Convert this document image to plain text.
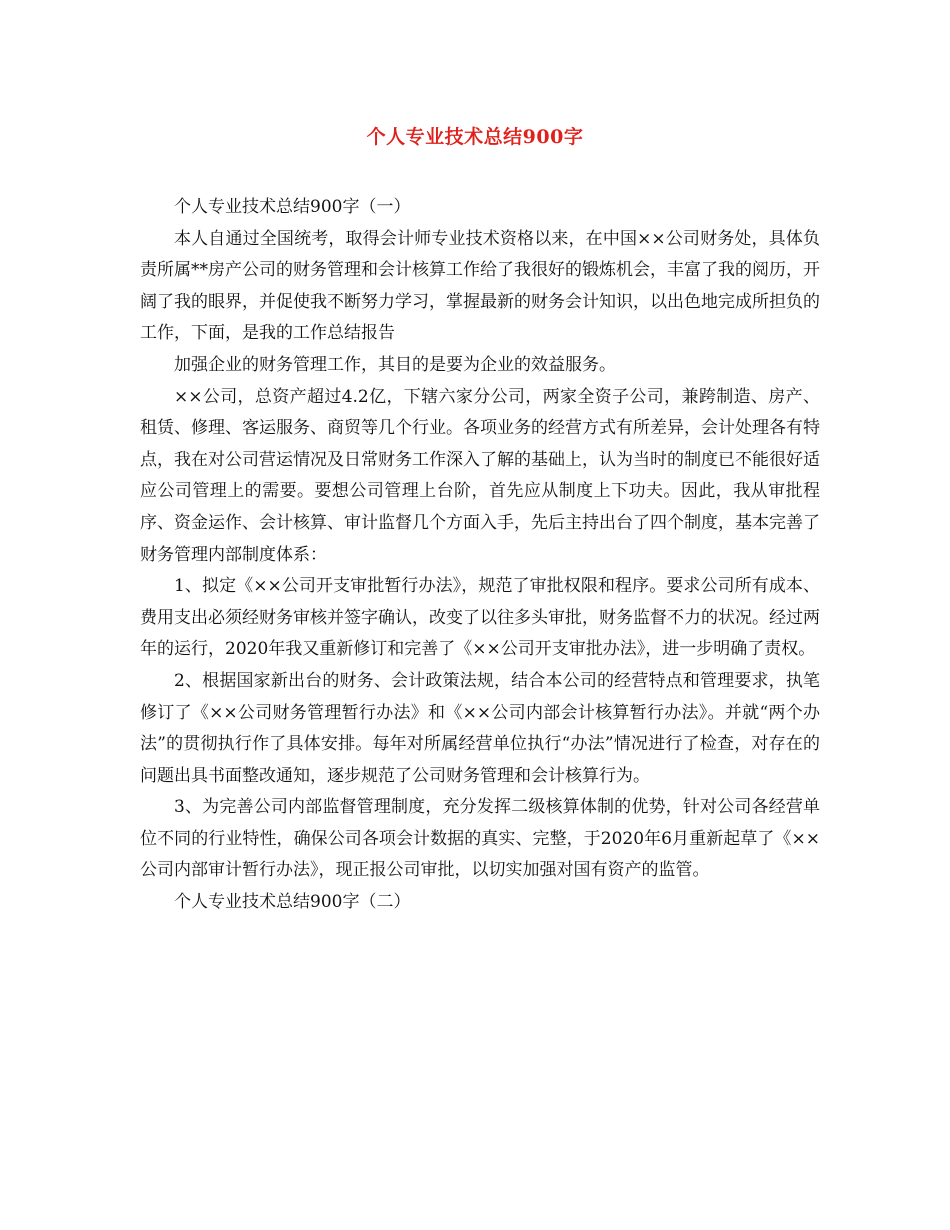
个人专业技术总结900字

个人专业技术总结900字（一）

本人自通过全国统考，取得会计师专业技术资格以来，在中国××公司财务处，具体负责所属**房产公司的财务管理和会计核算工作给了我很好的锻炼机会，丰富了我的阅历，开阔了我的眼界，并促使我不断努力学习，掌握最新的财务会计知识，以出色地完成所担负的工作，下面，是我的工作总结报告

加强企业的财务管理工作，其目的是要为企业的效益服务。

××公司，总资产超过4.2亿，下辖六家分公司，两家全资子公司，兼跨制造、房产、租赁、修理、客运服务、商贸等几个行业。各项业务的经营方式有所差异，会计处理各有特点，我在对公司营运情况及日常财务工作深入了解的基础上，认为当时的制度已不能很好适应公司管理上的需要。要想公司管理上台阶，首先应从制度上下功夫。因此，我从审批程序、资金运作、会计核算、审计监督几个方面入手，先后主持出台了四个制度，基本完善了财务管理内部制度体系：

1、拟定《××公司开支审批暂行办法》，规范了审批权限和程序。要求公司所有成本、费用支出必须经财务审核并签字确认，改变了以往多头审批，财务监督不力的状况。经过两年的运行，2020年我又重新修订和完善了《××公司开支审批办法》，进一步明确了责权。

2、根据国家新出台的财务、会计政策法规，结合本公司的经营特点和管理要求，执笔修订了《××公司财务管理暂行办法》和《××公司内部会计核算暂行办法》。并就“两个办法”的贯彻执行作了具体安排。每年对所属经营单位执行“办法”情况进行了检查，对存在的问题出具书面整改通知，逐步规范了公司财务管理和会计核算行为。

3、为完善公司内部监督管理制度，充分发挥二级核算体制的优势，针对公司各经营单位不同的行业特性，确保公司各项会计数据的真实、完整，于2020年6月重新起草了《××公司内部审计暂行办法》，现正报公司审批，以切实加强对国有资产的监管。

个人专业技术总结900字（二）
